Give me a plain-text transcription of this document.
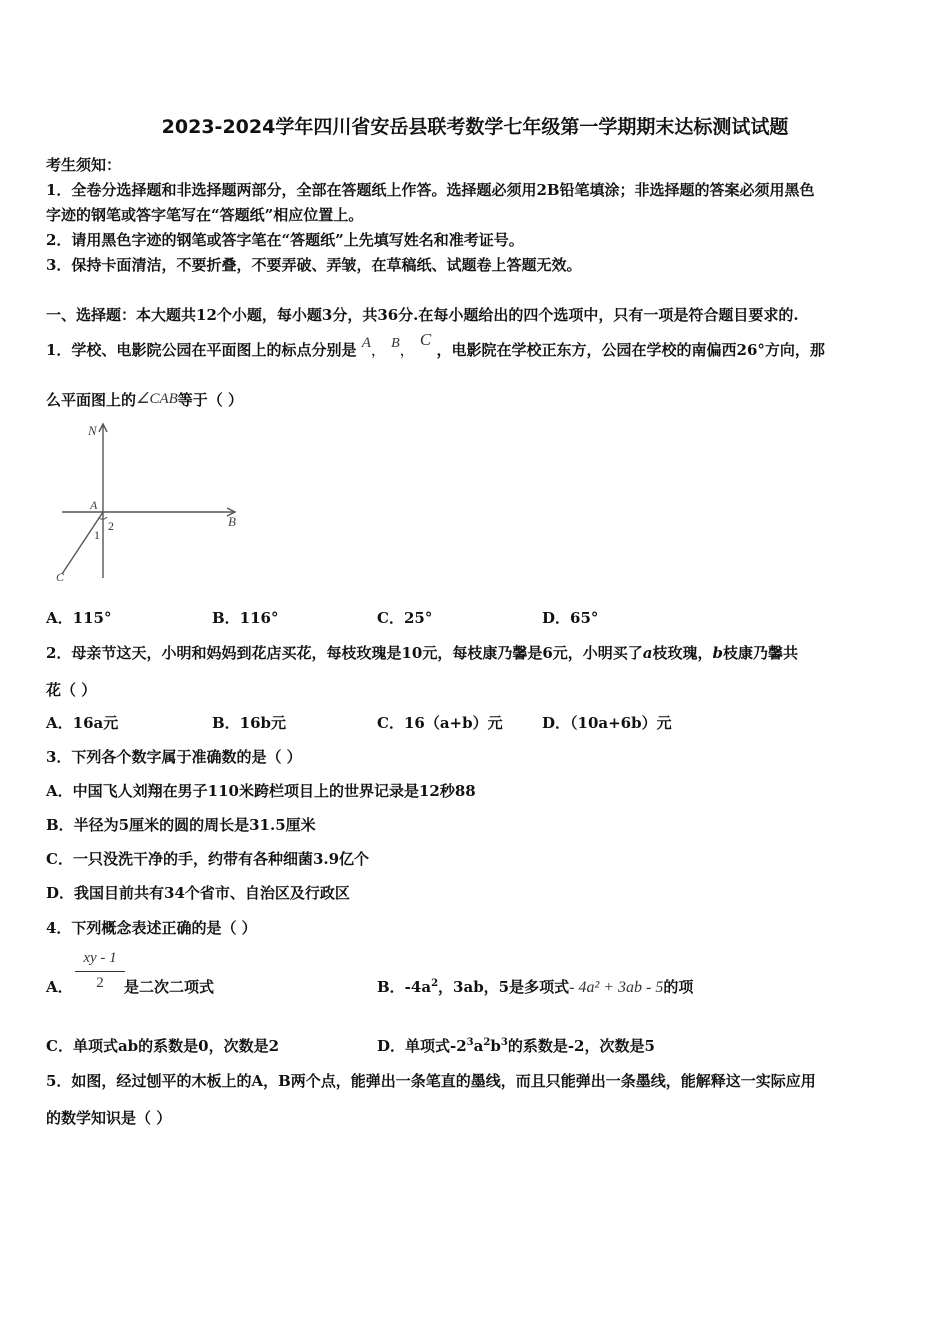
2023-2024学年四川省安岳县联考数学七年级第一学期期末达标测试试题
考生须知：
1．全卷分选择题和非选择题两部分，全部在答题纸上作答。选择题必须用2B铅笔填涂；非选择题的答案必须用黑色
字迹的钢笔或答字笔写在“答题纸”相应位置上。
2．请用黑色字迹的钢笔或答字笔在“答题纸”上先填写姓名和准考证号。
3．保持卡面清洁，不要折叠，不要弄破、弄皱，在草稿纸、试题卷上答题无效。
一、选择题：本大题共12个小题，每小题3分，共36分.在每小题给出的四个选项中，只有一项是符合题目要求的.
1．学校、电影院公园在平面图上的标点分别是 A， B， C ，电影院在学校正东方，公园在学校的南偏西26°方向，那
么平面图上的∠CAB等于（ ）
N
A
B
C
1
2
A．115°	B．116°	C．25°	D．65°
2．母亲节这天，小明和妈妈到花店买花，每枝玫瑰是10元，每枝康乃馨是6元，小明买了a枝玫瑰，b枝康乃馨共
花（ ）
A．16a元	B．16b元	C．16（a+b）元	D．（10a+6b）元
3．下列各个数字属于准确数的是（ ）
A．中国飞人刘翔在男子110米跨栏项目上的世界记录是12秒88
B．半径为5厘米的圆的周长是31.5厘米
C．一只没洗干净的手，约带有各种细菌3.9亿个
D．我国目前共有34个省市、自治区及行政区
4．下列概念表述正确的是（ ）
A．
xy - 1
2	是二次二项式	B．$-4a^2$，3ab，5是多项式- 4a² + 3ab - 5的项
C．单项式ab的系数是0，次数是2	D．单项式$-2^3a^2b^3$的系数是-2，次数是5
5．如图，经过刨平的木板上的A，B两个点，能弹出一条笔直的墨线，而且只能弹出一条墨线，能解释这一实际应用
的数学知识是（ ）
